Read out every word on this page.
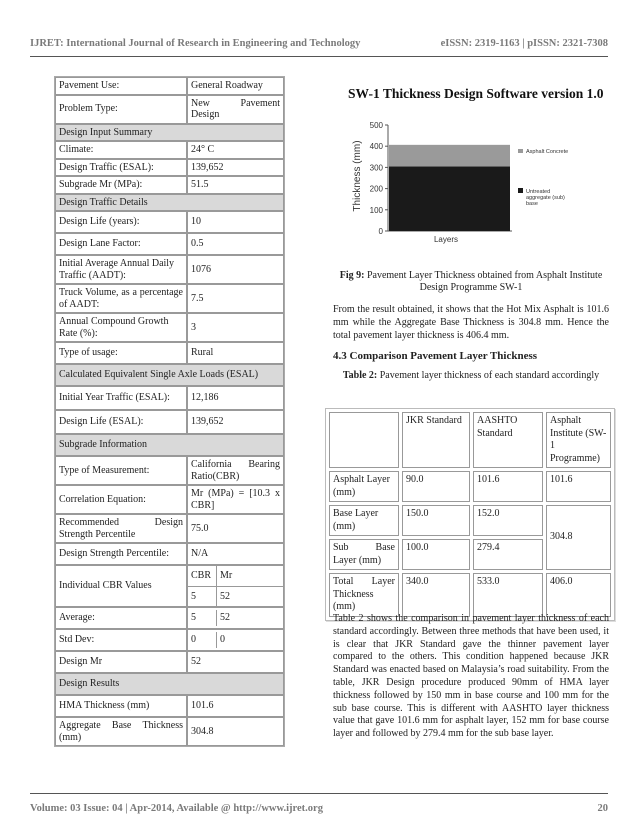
IJRET: International Journal of Research in Engineering and Technology	eISSN: 2319-1163 | pISSN: 2321-7308
Pavement Use:	General Roadway
Problem Type:	New Pavement Design
Design Input Summary
Climate:	24° C
Design Traffic (ESAL):	139,652
Subgrade Mr (MPa):	51.5
Design Traffic Details
Design Life (years):	10
Design Lane Factor:	0.5
Initial Average Annual Daily Traffic (AADT):	1076
Truck Volume, as a percentage of AADT:	7.5
Annual Compound Growth Rate (%):	3
Type of usage:	Rural
Calculated Equivalent Single Axle Loads (ESAL)
Initial Year Traffic (ESAL):	12,186
Design Life (ESAL):	139,652
Subgrade Information
Type of Measurement:	California Bearing Ratio(CBR)
Correlation Equation:	Mr (MPa) = [10.3 x CBR]
Recommended Design Strength Percentile	75.0
Design Strength Percentile:	N/A
Individual CBR Values	
CBR	Mr
5	52

Average:		5	52

Std Dev:		0	0

Design Mr	52
Design Results
HMA Thickness (mm)	101.6
Aggregate Base Thickness (mm)	304.8
SW-1 Thickness Design Software version 1.0
Thickness (mm)
0
100
200
300
400
500
Layers
Asphalt Concrete
Untreated
aggregate (sub)
base
Fig 9: Pavement Layer Thickness obtained from Asphalt Institute Design Programme SW-1
From the result obtained, it shows that the Hot Mix Asphalt is 101.6 mm while the Aggregate Base Thickness is 304.8 mm. Hence the total pavement layer thickness is 406.4 mm.
4.3 Comparison Pavement Layer Thickness
Table 2: Pavement layer thickness of each standard accordingly
	JKR Standard	AASHTO Standard	Asphalt Institute (SW-1 Programme)
Asphalt Layer (mm)	90.0	101.6	101.6
Base Layer (mm)	150.0	152.0	304.8
Sub Base Layer (mm)	100.0	279.4	
Total Layer Thickness (mm)	340.0	533.0	406.0
Table 2 shows the comparison in pavement layer thickness of each standard accordingly. Between three methods that have been used, it is clear that JKR Standard gave the thinner pavement layer compared to the others. This condition happened because JKR Standard was enacted based on Malaysia’s road suitability. From the table, JKR Design procedure produced 90mm of HMA layer thickness followed by 150 mm in base course and 100 mm for the sub base course. This is different with AASHTO layer thickness value that gave 101.6 mm for asphalt layer, 152 mm for base course layer and followed by 279.4 mm for the sub base layer.
Volume: 03 Issue: 04 | Apr-2014, Available @ http://www.ijret.org	20
